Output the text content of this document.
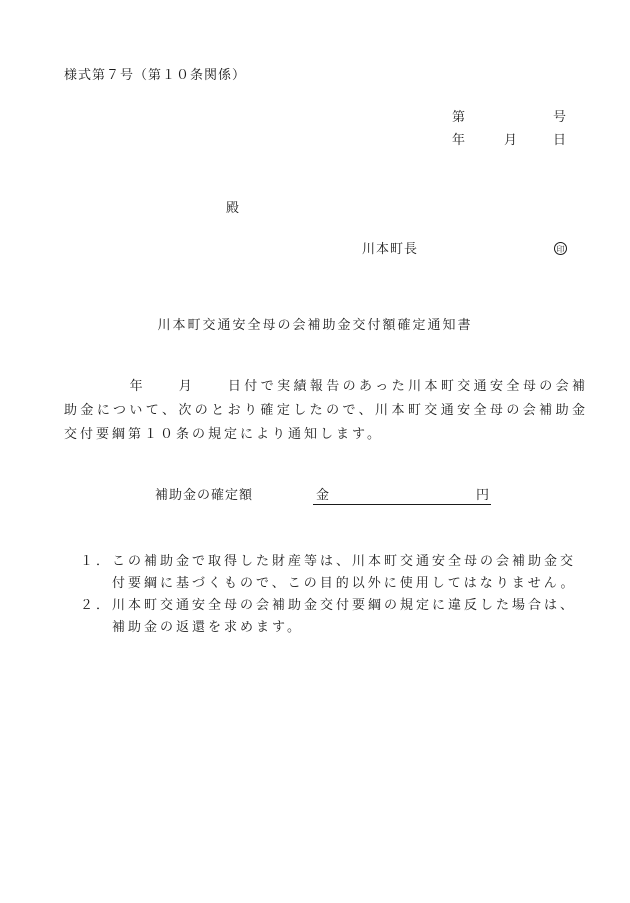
様式第７号（第１０条関係）
第	号
年	月	日
殿
川本町長	印
川本町交通安全母の会補助金交付額確定通知書
　　　　年　　月　　日付で実績報告のあった川本町交通安全母の会補助金について、次のとおり確定したので、川本町交通安全母の会補助金交付要綱第１０条の規定により通知します。
補助金の確定額	金	円
１． この補助金で取得した財産等は、川本町交通安全母の会補助金交付要綱に基づくもので、この目的以外に使用してはなりません。
２． 川本町交通安全母の会補助金交付要綱の規定に違反した場合は、補助金の返還を求めます。
